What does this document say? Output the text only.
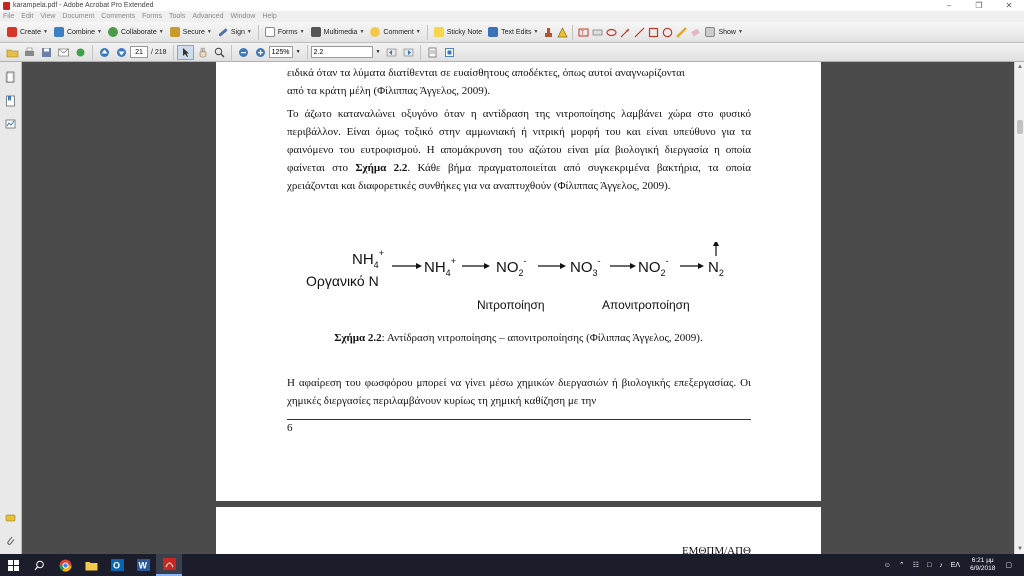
karampela.pdf - Adobe Acrobat Pro Extended	–	❐	✕
File Edit View Document Comments Forms Tools Advanced Window Help
Create ▼	Combine ▼	Collaborate ▼	Secure ▼	Sign ▼	Forms ▼	Multimedia ▼	Comment ▼	Sticky Note	Text Edits ▼	T	Show ▼
21
/ 218
125%	▼
2.2	▼
ειδικά όταν τα λύματα διατίθενται σε ευαίσθητους αποδέκτες, όπως αυτοί αναγνωρίζονται
από τα κράτη μέλη (Φίλιππας Άγγελος, 2009).
Το άζωτο καταναλώνει οξυγόνο όταν η αντίδραση της νιτροποίησης λαμβάνει χώρα στο φυσικό περιβάλλον. Είναι όμως τοξικό στην αμμωνιακή ή νιτρική μορφή του και είναι υπεύθυνο για τα φαινόμενο του ευτροφισμού. Η απομάκρυνση του αζώτου είναι μία βιολογική διεργασία η οποία φαίνεται στο Σχήμα 2.2. Κάθε βήμα πραγματοποιείται από συγκεκριμένα βακτήρια, τα οποία χρειάζονται και διαφορετικές συνθήκες για να αναπτυχθούν (Φίλιππας Άγγελος, 2009).
$NH_4^+$
Οργανικό N
$NH_4^+$	$NO_2^-$	$NO_3^-$ $NO_2^-$	$N_2$
Νιτροποίηση	Απονιτροποίηση
Σχήμα 2.2: Αντίδραση νιτροποίησης – απονιτροποίησης (Φίλιππας Άγγελος, 2009).
Η αφαίρεση του φωσφόρου μπορεί να γίνει μέσω χημικών διεργασιών ή βιολογικής επεξεργασίας. Οι χημικές διεργασίες περιλαμβάνουν κυρίως τη χημική καθίζηση με την
6
ΕΜΘΠΜ/ΑΠΘ
▲
▼
O W	☺ ⌃ ☷ □ ♪ ΕΛ
6:21 μμ
6/9/2018 ▢
